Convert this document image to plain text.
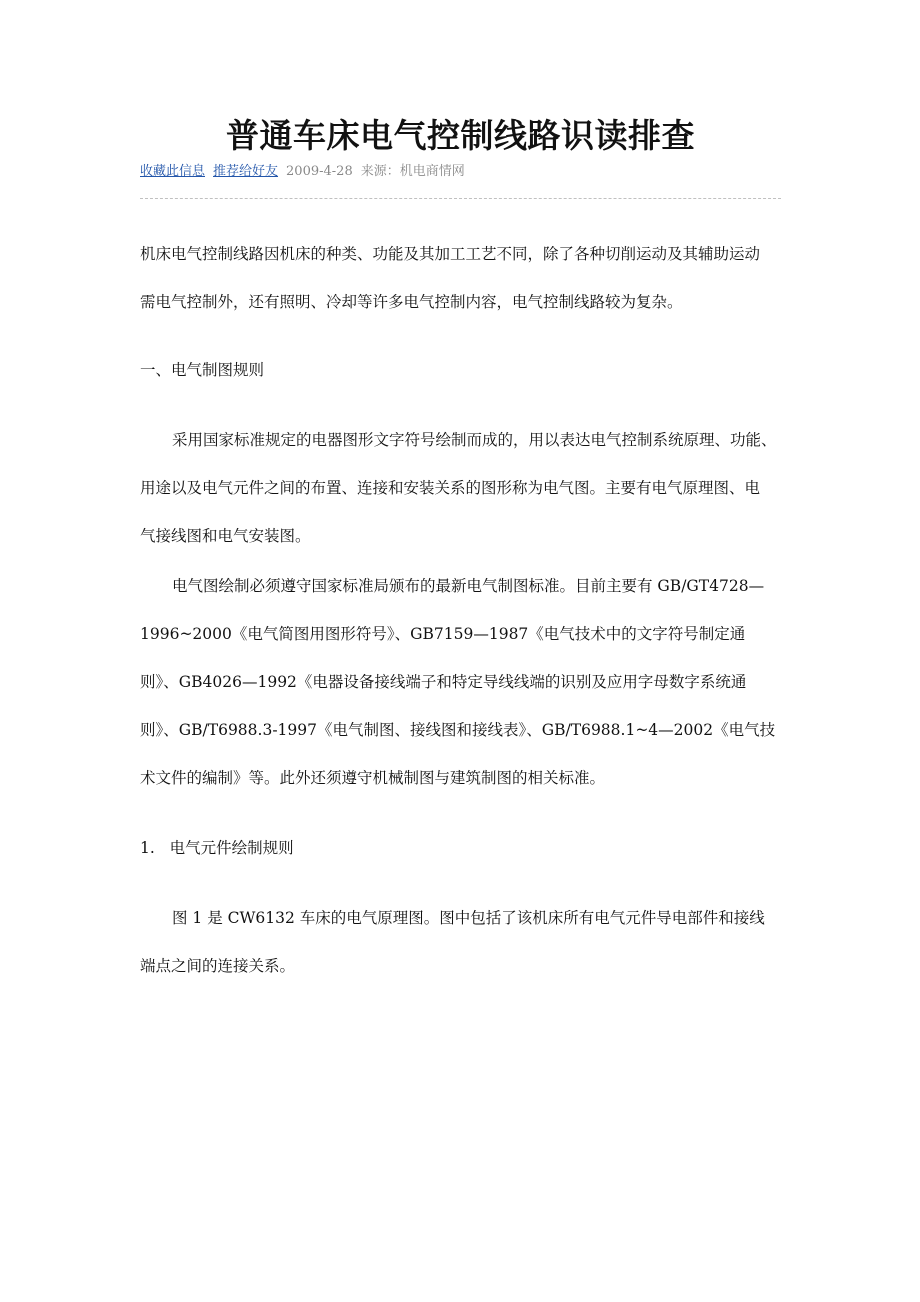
普通车床电气控制线路识读排查
收藏此信息 推荐给好友 2009-4-28 来源：机电商情网
机床电气控制线路因机床的种类、功能及其加工工艺不同，除了各种切削运动及其辅助运动
需电气控制外，还有照明、冷却等许多电气控制内容，电气控制线路较为复杂。
一、电气制图规则
采用国家标准规定的电器图形文字符号绘制而成的，用以表达电气控制系统原理、功能、
用途以及电气元件之间的布置、连接和安装关系的图形称为电气图。主要有电气原理图、电
气接线图和电气安装图。
电气图绘制必须遵守国家标准局颁布的最新电气制图标准。目前主要有 GB/GT4728—
1996~2000《电气简图用图形符号》、GB7159—1987《电气技术中的文字符号制定通
则》、GB4026—1992《电器设备接线端子和特定导线线端的识别及应用字母数字系统通
则》、GB/T6988.3-1997《电气制图、接线图和接线表》、GB/T6988.1~4—2002《电气技
术文件的编制》等。此外还须遵守机械制图与建筑制图的相关标准。
1.   电气元件绘制规则
图 1 是 CW6132 车床的电气原理图。图中包括了该机床所有电气元件导电部件和接线
端点之间的连接关系。
